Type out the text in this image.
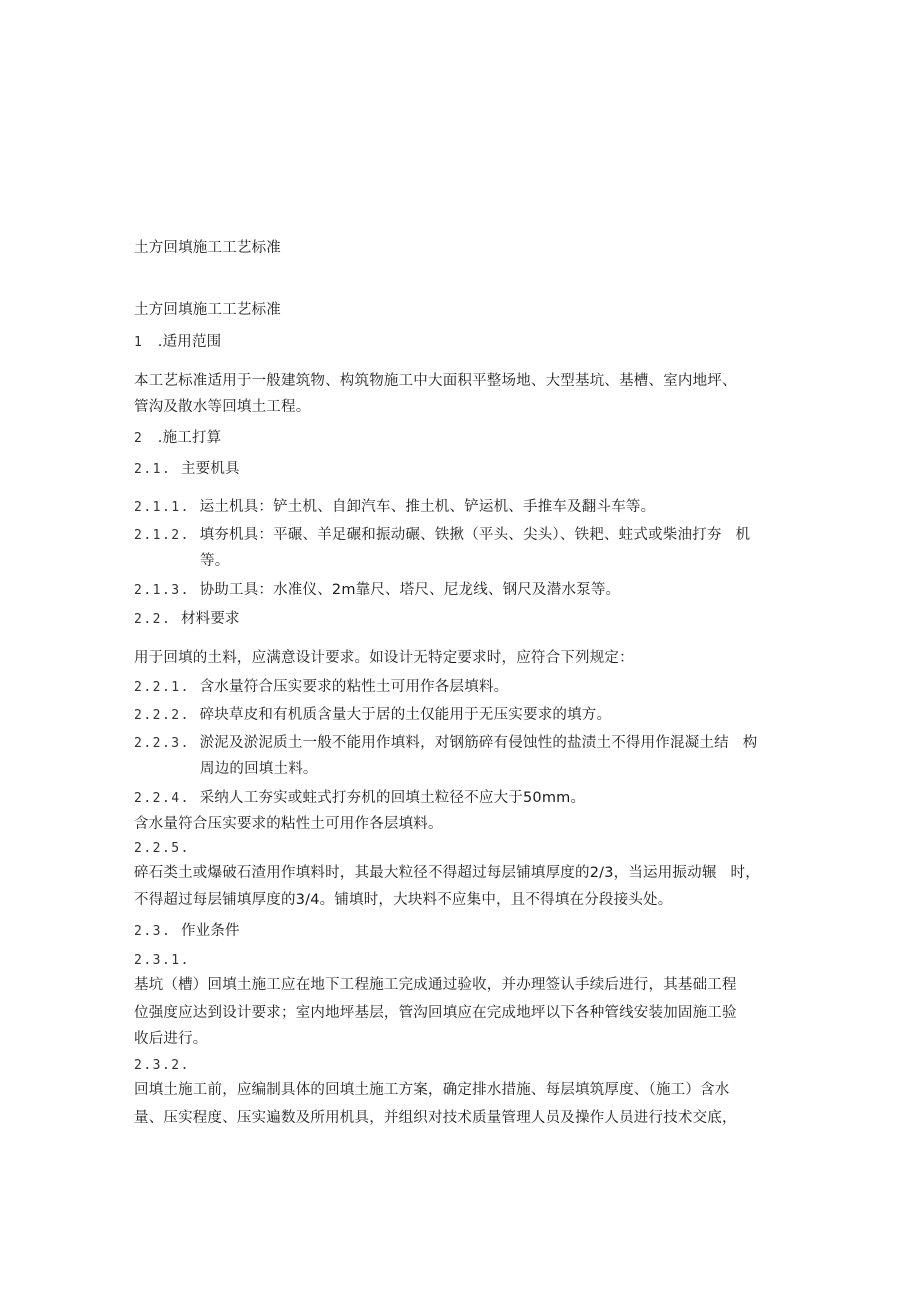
土方回填施工工艺标准
土方回填施工工艺标准
1 .适用范围
本工艺标准适用于一般建筑物、构筑物施工中大面积平整场地、大型基坑、基槽、室内地坪、
管沟及散水等回填土工程。
2 .施工打算
2.1. 主要机具
2.1.1. 运土机具：铲土机、自卸汽车、推土机、铲运机、手推车及翻斗车等。
2.1.2. 填夯机具：平碾、羊足碾和振动碾、铁揪（平头、尖头）、铁耙、蛀式或柴油打夯 机
等。
2.1.3. 协助工具：水准仪、2m靠尺、塔尺、尼龙线、钢尺及潜水泵等。
2.2. 材料要求
用于回填的土料，应满意设计要求。如设计无特定要求时，应符合下列规定：
2.2.1. 含水量符合压实要求的粘性土可用作各层填料。
2.2.2. 碎块草皮和有机质含量大于居的土仅能用于无压实要求的填方。
2.2.3. 淤泥及淤泥质土一般不能用作填料，对钢筋碎有侵蚀性的盐渍土不得用作混凝土结 构
周边的回填土料。
2.2.4. 采纳人工夯实或蛀式打夯机的回填土粒径不应大于50mm。
含水量符合压实要求的粘性土可用作各层填料。
2.2.5.
碎石类土或爆破石渣用作填料时，其最大粒径不得超过每层铺填厚度的2/3，当运用振动辗 时，
不得超过每层铺填厚度的3/4。铺填时，大块料不应集中，且不得填在分段接头处。
2.3. 作业条件
2.3.1.
基坑（槽）回填土施工应在地下工程施工完成通过验收，并办理签认手续后进行，其基础工程
位强度应达到设计要求；室内地坪基层，管沟回填应在完成地坪以下各种管线安装加固施工验
收后进行。
2.3.2.
回填土施工前，应编制具体的回填土施工方案，确定排水措施、每层填筑厚度、（施工）含水
量、压实程度、压实遍数及所用机具，并组织对技术质量管理人员及操作人员进行技术交底，
